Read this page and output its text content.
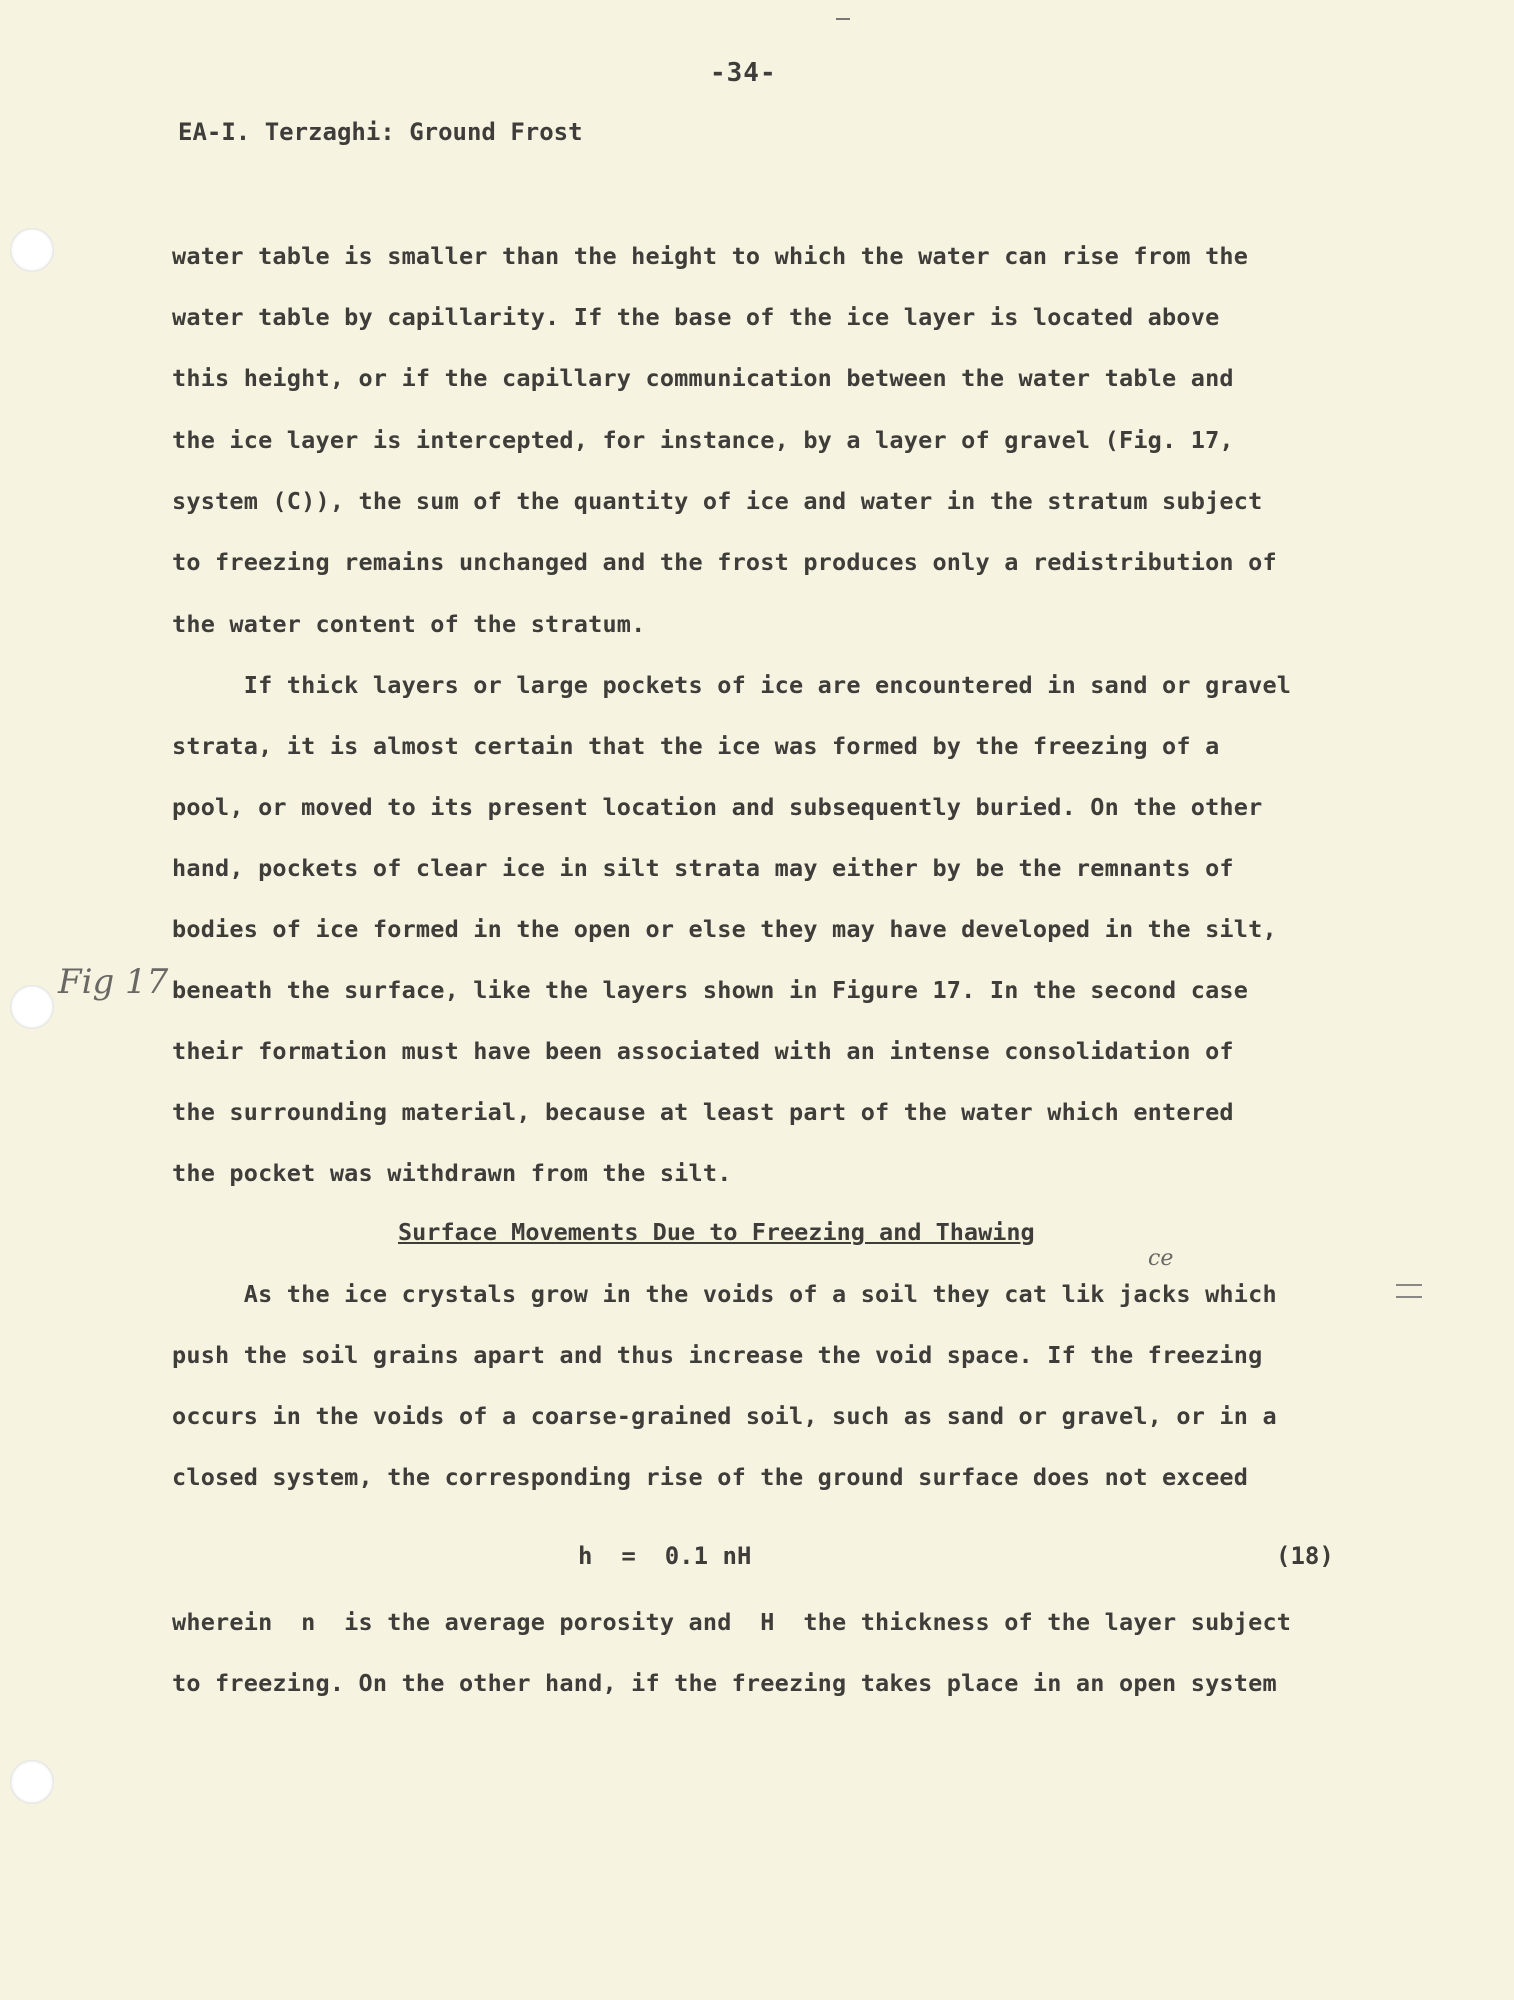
-34-
EA-I. Terzaghi: Ground Frost
water table is smaller than the height to which the water can rise from the
water table by capillarity. If the base of the ice layer is located above
this height, or if the capillary communication between the water table and
the ice layer is intercepted, for instance, by a layer of gravel (Fig. 17,
system (C)), the sum of the quantity of ice and water in the stratum subject
to freezing remains unchanged and the frost produces only a redistribution of
the water content of the stratum.
If thick layers or large pockets of ice are encountered in sand or gravel
strata, it is almost certain that the ice was formed by the freezing of a
pool, or moved to its present location and subsequently buried. On the other
hand, pockets of clear ice in silt strata may either by be the remnants of
bodies of ice formed in the open or else they may have developed in the silt,
beneath the surface, like the layers shown in Figure 17. In the second case
their formation must have been associated with an intense consolidation of
the surrounding material, because at least part of the water which entered
the pocket was withdrawn from the silt.
Surface Movements Due to Freezing and Thawing
As the ice crystals grow in the voids of a soil they cat lik jacks which
push the soil grains apart and thus increase the void space. If the freezing
occurs in the voids of a coarse-grained soil, such as sand or gravel, or in a
closed system, the corresponding rise of the ground surface does not exceed
h  =  0.1 nH	(18)
wherein  n  is the average porosity and  H  the thickness of the layer subject
to freezing. On the other hand, if the freezing takes place in an open system
Fig 17
ce
